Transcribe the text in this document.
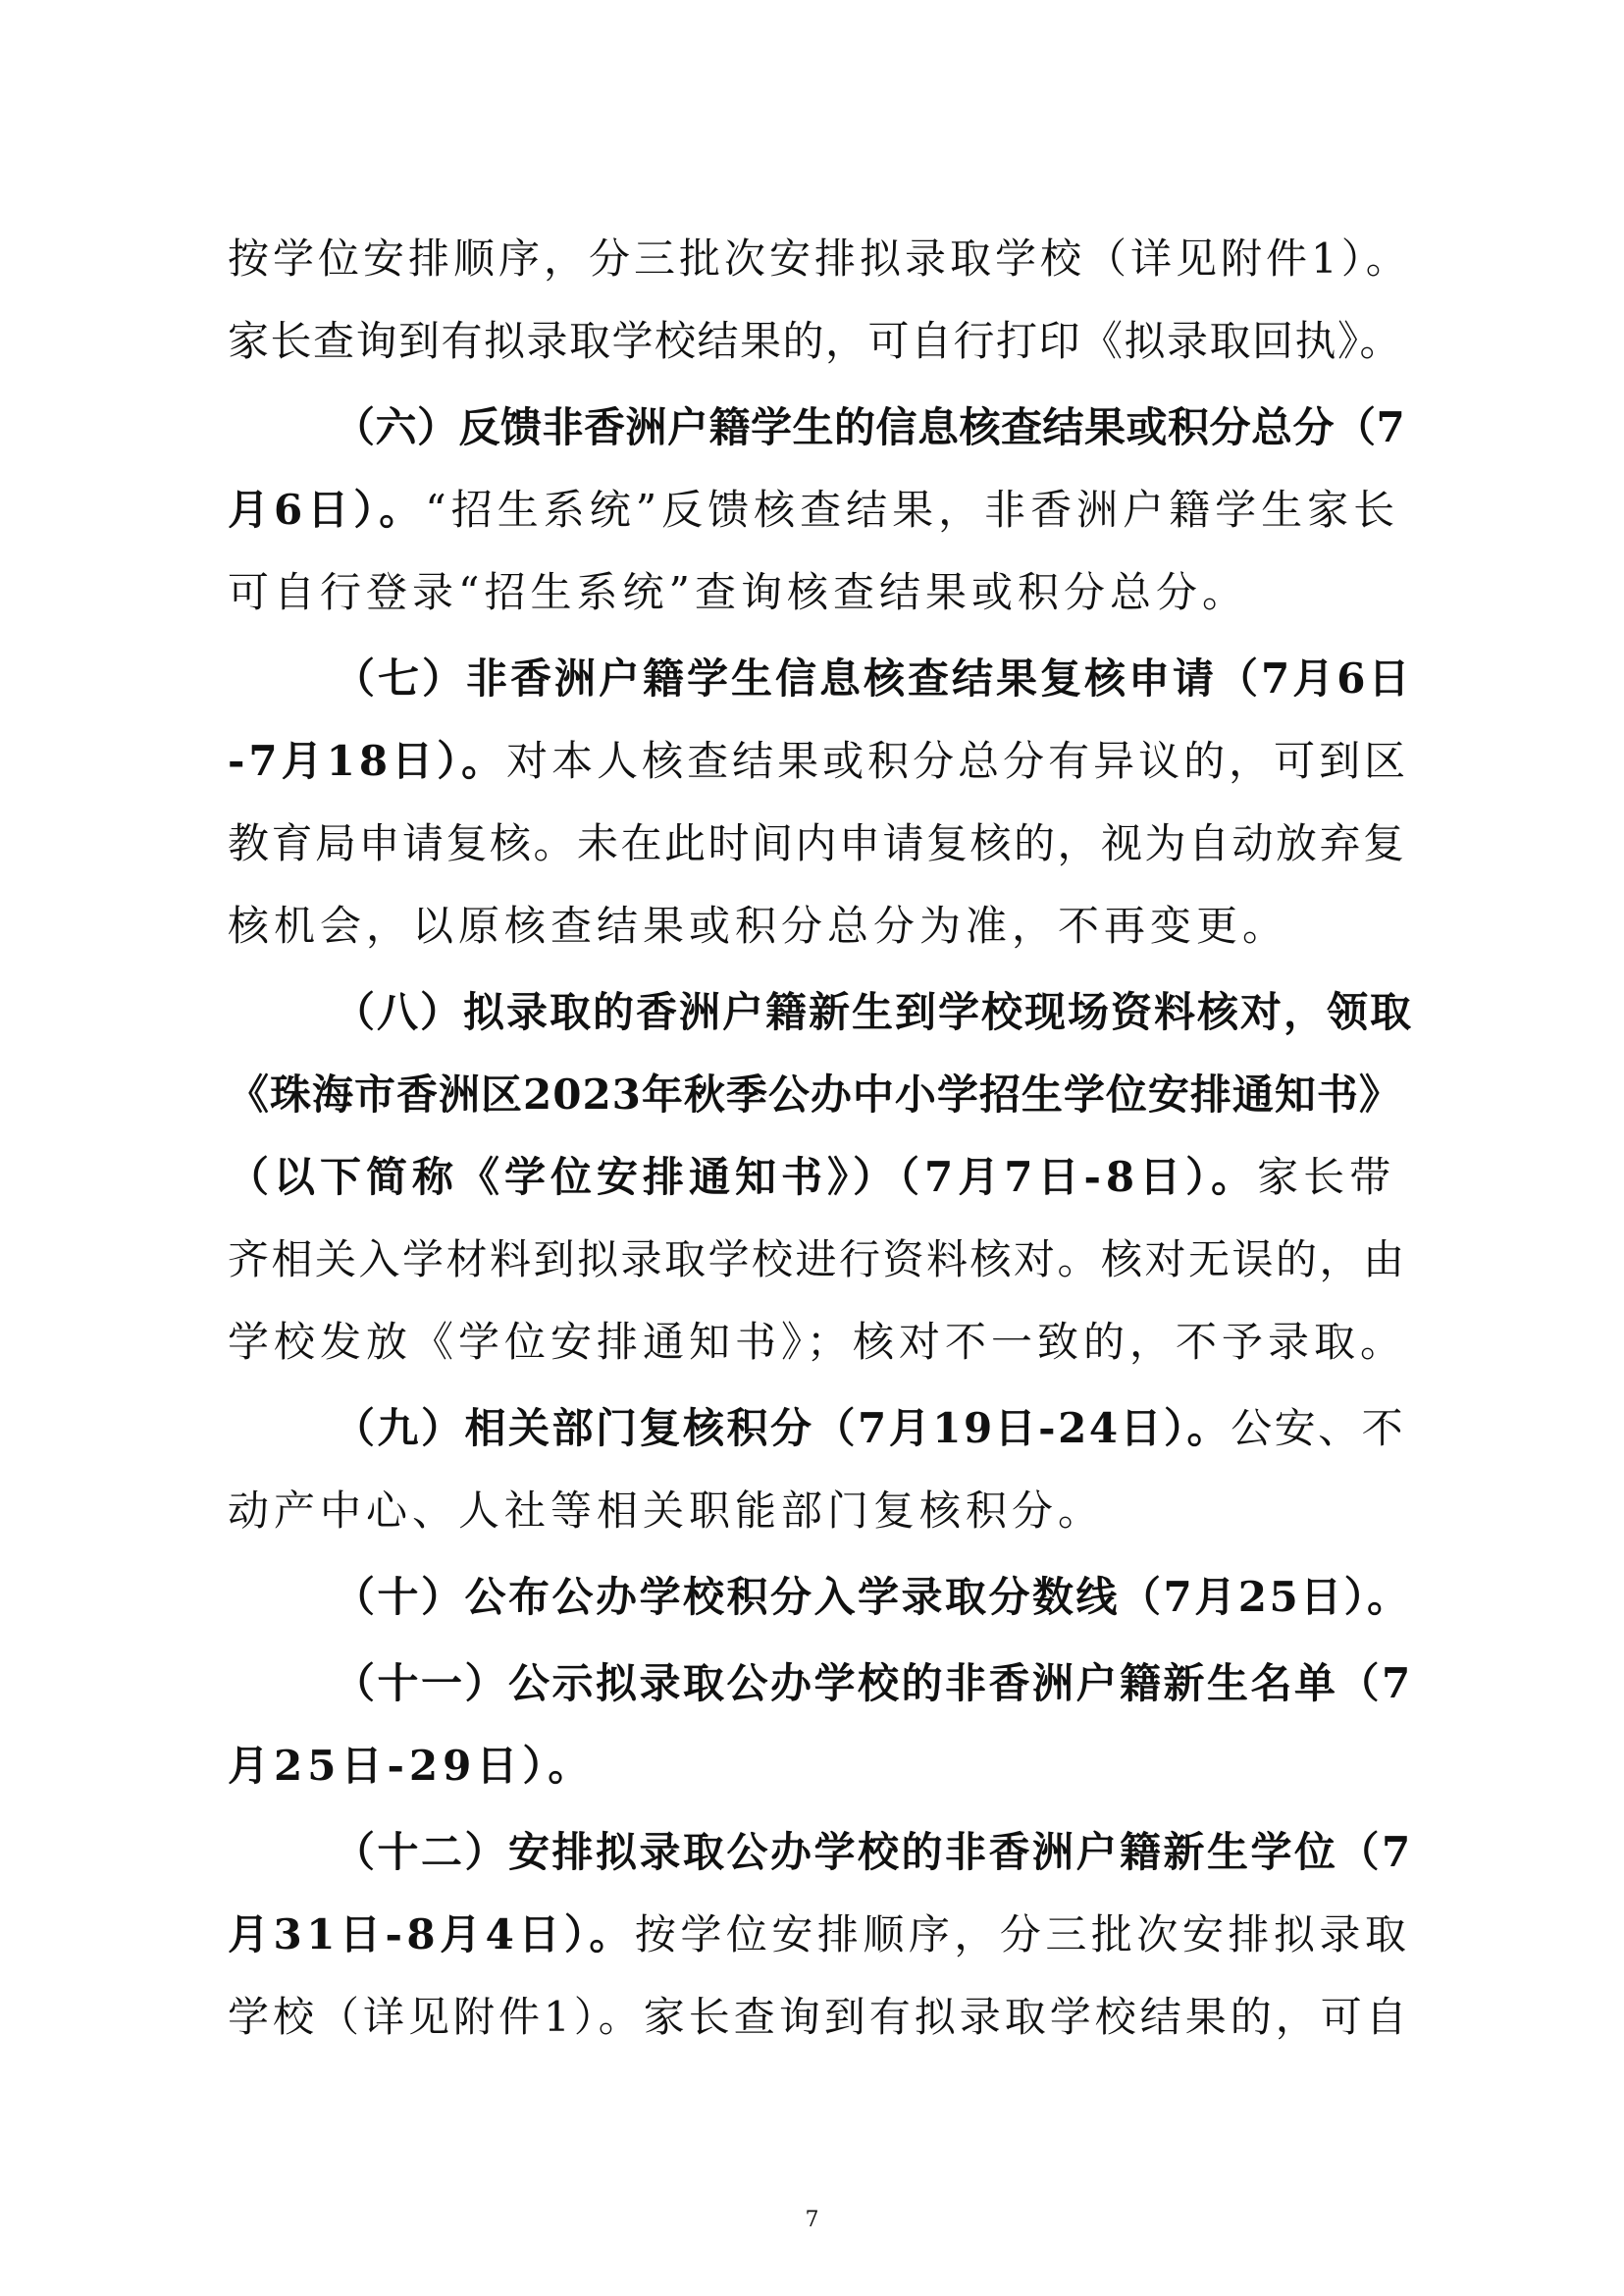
按学位安排顺序，分三批次安排拟录取学校（详见附件1）。
家长查询到有拟录取学校结果的，可自行打印《拟录取回执》。
（六）反馈非香洲户籍学生的信息核查结果或积分总分（7
月6日）。“招生系统”反馈核查结果，非香洲户籍学生家长
可自行登录“招生系统”查询核查结果或积分总分。
（七）非香洲户籍学生信息核查结果复核申请（7月6日
-7月18日）。对本人核查结果或积分总分有异议的，可到区
教育局申请复核。未在此时间内申请复核的，视为自动放弃复
核机会，以原核查结果或积分总分为准，不再变更。
（八）拟录取的香洲户籍新生到学校现场资料核对，领取
《珠海市香洲区2023年秋季公办中小学招生学位安排通知书》
（以下简称《学位安排通知书》）（7月7日-8日）。家长带
齐相关入学材料到拟录取学校进行资料核对。核对无误的，由
学校发放《学位安排通知书》；核对不一致的，不予录取。
（九）相关部门复核积分（7月19日-24日）。公安、不
动产中心、人社等相关职能部门复核积分。
（十）公布公办学校积分入学录取分数线（7月25日）。
（十一）公示拟录取公办学校的非香洲户籍新生名单（7
月25日-29日）。
（十二）安排拟录取公办学校的非香洲户籍新生学位（7
月31日-8月4日）。按学位安排顺序，分三批次安排拟录取
学校（详见附件1）。家长查询到有拟录取学校结果的，可自
7
